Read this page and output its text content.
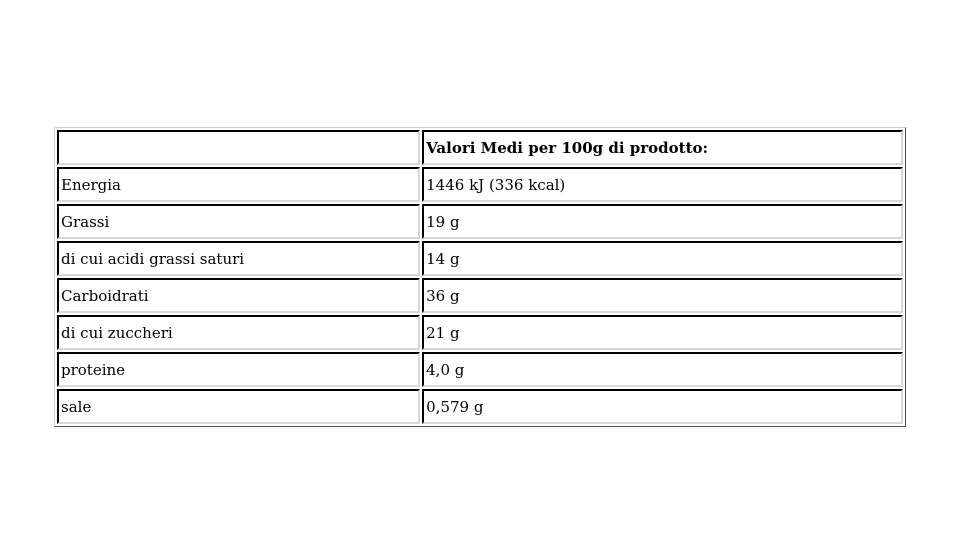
	Valori Medi per 100g di prodotto:
Energia	1446 kJ (336 kcal)
Grassi	19 g
di cui acidi grassi saturi	14 g
Carboidrati	36 g
di cui zuccheri	21 g
proteine	4,0 g
sale	0,579 g
